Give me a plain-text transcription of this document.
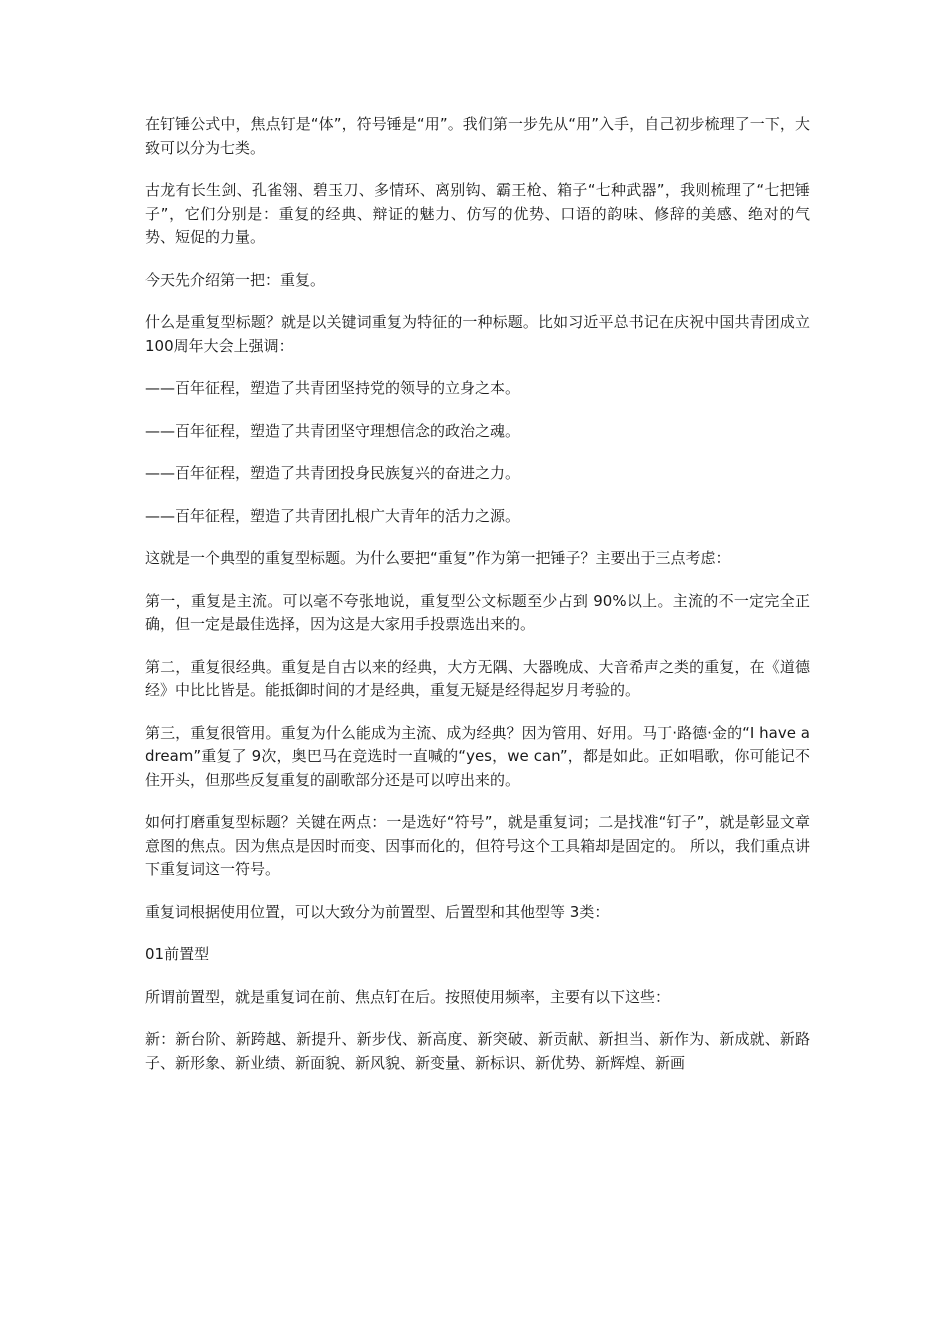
在钉锤公式中，焦点钉是“体”，符号锤是“用”。我们第一步先从“用”入手，自己初步梳理了一下，大致可以分为七类。

古龙有长生剑、孔雀翎、碧玉刀、多情环、离别钩、霸王枪、箱子“七种武器”，我则梳理了“七把锤子”，它们分别是：重复的经典、辩证的魅力、仿写的优势、口语的韵味、修辞的美感、绝对的气势、短促的力量。

今天先介绍第一把：重复。

什么是重复型标题？就是以关键词重复为特征的一种标题。比如习近平总书记在庆祝中国共青团成立 100周年大会上强调：

——百年征程，塑造了共青团坚持党的领导的立身之本。

——百年征程，塑造了共青团坚守理想信念的政治之魂。

——百年征程，塑造了共青团投身民族复兴的奋进之力。

——百年征程，塑造了共青团扎根广大青年的活力之源。

这就是一个典型的重复型标题。为什么要把“重复”作为第一把锤子？主要出于三点考虑：

第一，重复是主流。可以毫不夸张地说，重复型公文标题至少占到 90%以上。主流的不一定完全正确，但一定是最佳选择，因为这是大家用手投票选出来的。

第二，重复很经典。重复是自古以来的经典，大方无隅、大器晚成、大音希声之类的重复，在《道德经》中比比皆是。能抵御时间的才是经典，重复无疑是经得起岁月考验的。

第三，重复很管用。重复为什么能成为主流、成为经典？因为管用、好用。马丁·路德·金的“I have a dream”重复了 9次，奥巴马在竞选时一直喊的“yes，we can”，都是如此。正如唱歌，你可能记不住开头，但那些反复重复的副歌部分还是可以哼出来的。

如何打磨重复型标题？关键在两点：一是选好“符号”，就是重复词；二是找准“钉子”，就是彰显文章意图的焦点。因为焦点是因时而变、因事而化的，但符号这个工具箱却是固定的。 所以，我们重点讲下重复词这一符号。

重复词根据使用位置，可以大致分为前置型、后置型和其他型等 3类：

01前置型

所谓前置型，就是重复词在前、焦点钉在后。按照使用频率，主要有以下这些：

新：新台阶、新跨越、新提升、新步伐、新高度、新突破、新贡献、新担当、新作为、新成就、新路子、新形象、新业绩、新面貌、新风貌、新变量、新标识、新优势、新辉煌、新画
